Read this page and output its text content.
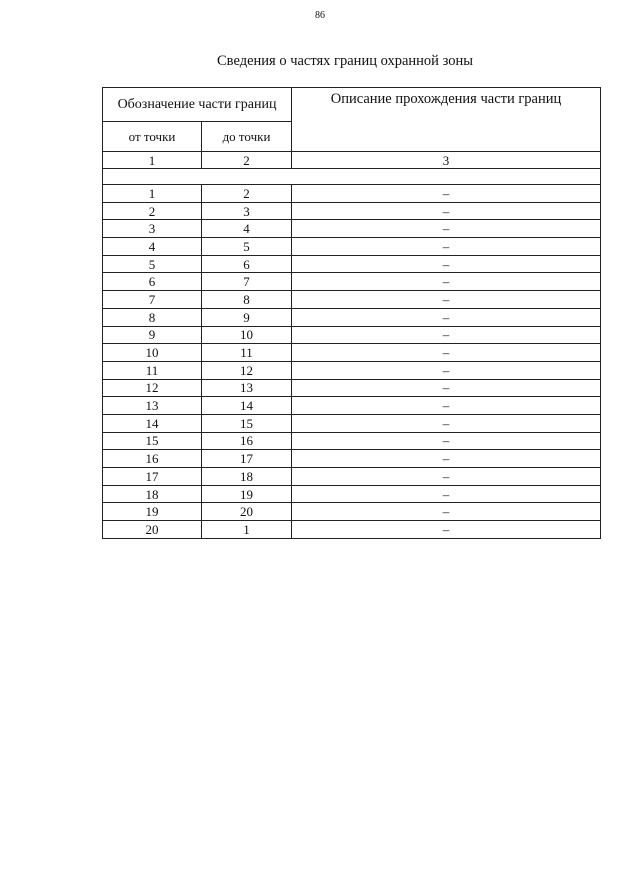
86
Сведения о частях границ охранной зоны
Обозначение части границ		Описание прохождения части границ
от точки	до точки	
1	2	3

1	2	–
2	3	–
3	4	–
4	5	–
5	6	–
6	7	–
7	8	–
8	9	–
9	10	–
10	11	–
11	12	–
12	13	–
13	14	–
14	15	–
15	16	–
16	17	–
17	18	–
18	19	–
19	20	–
20	1	–
